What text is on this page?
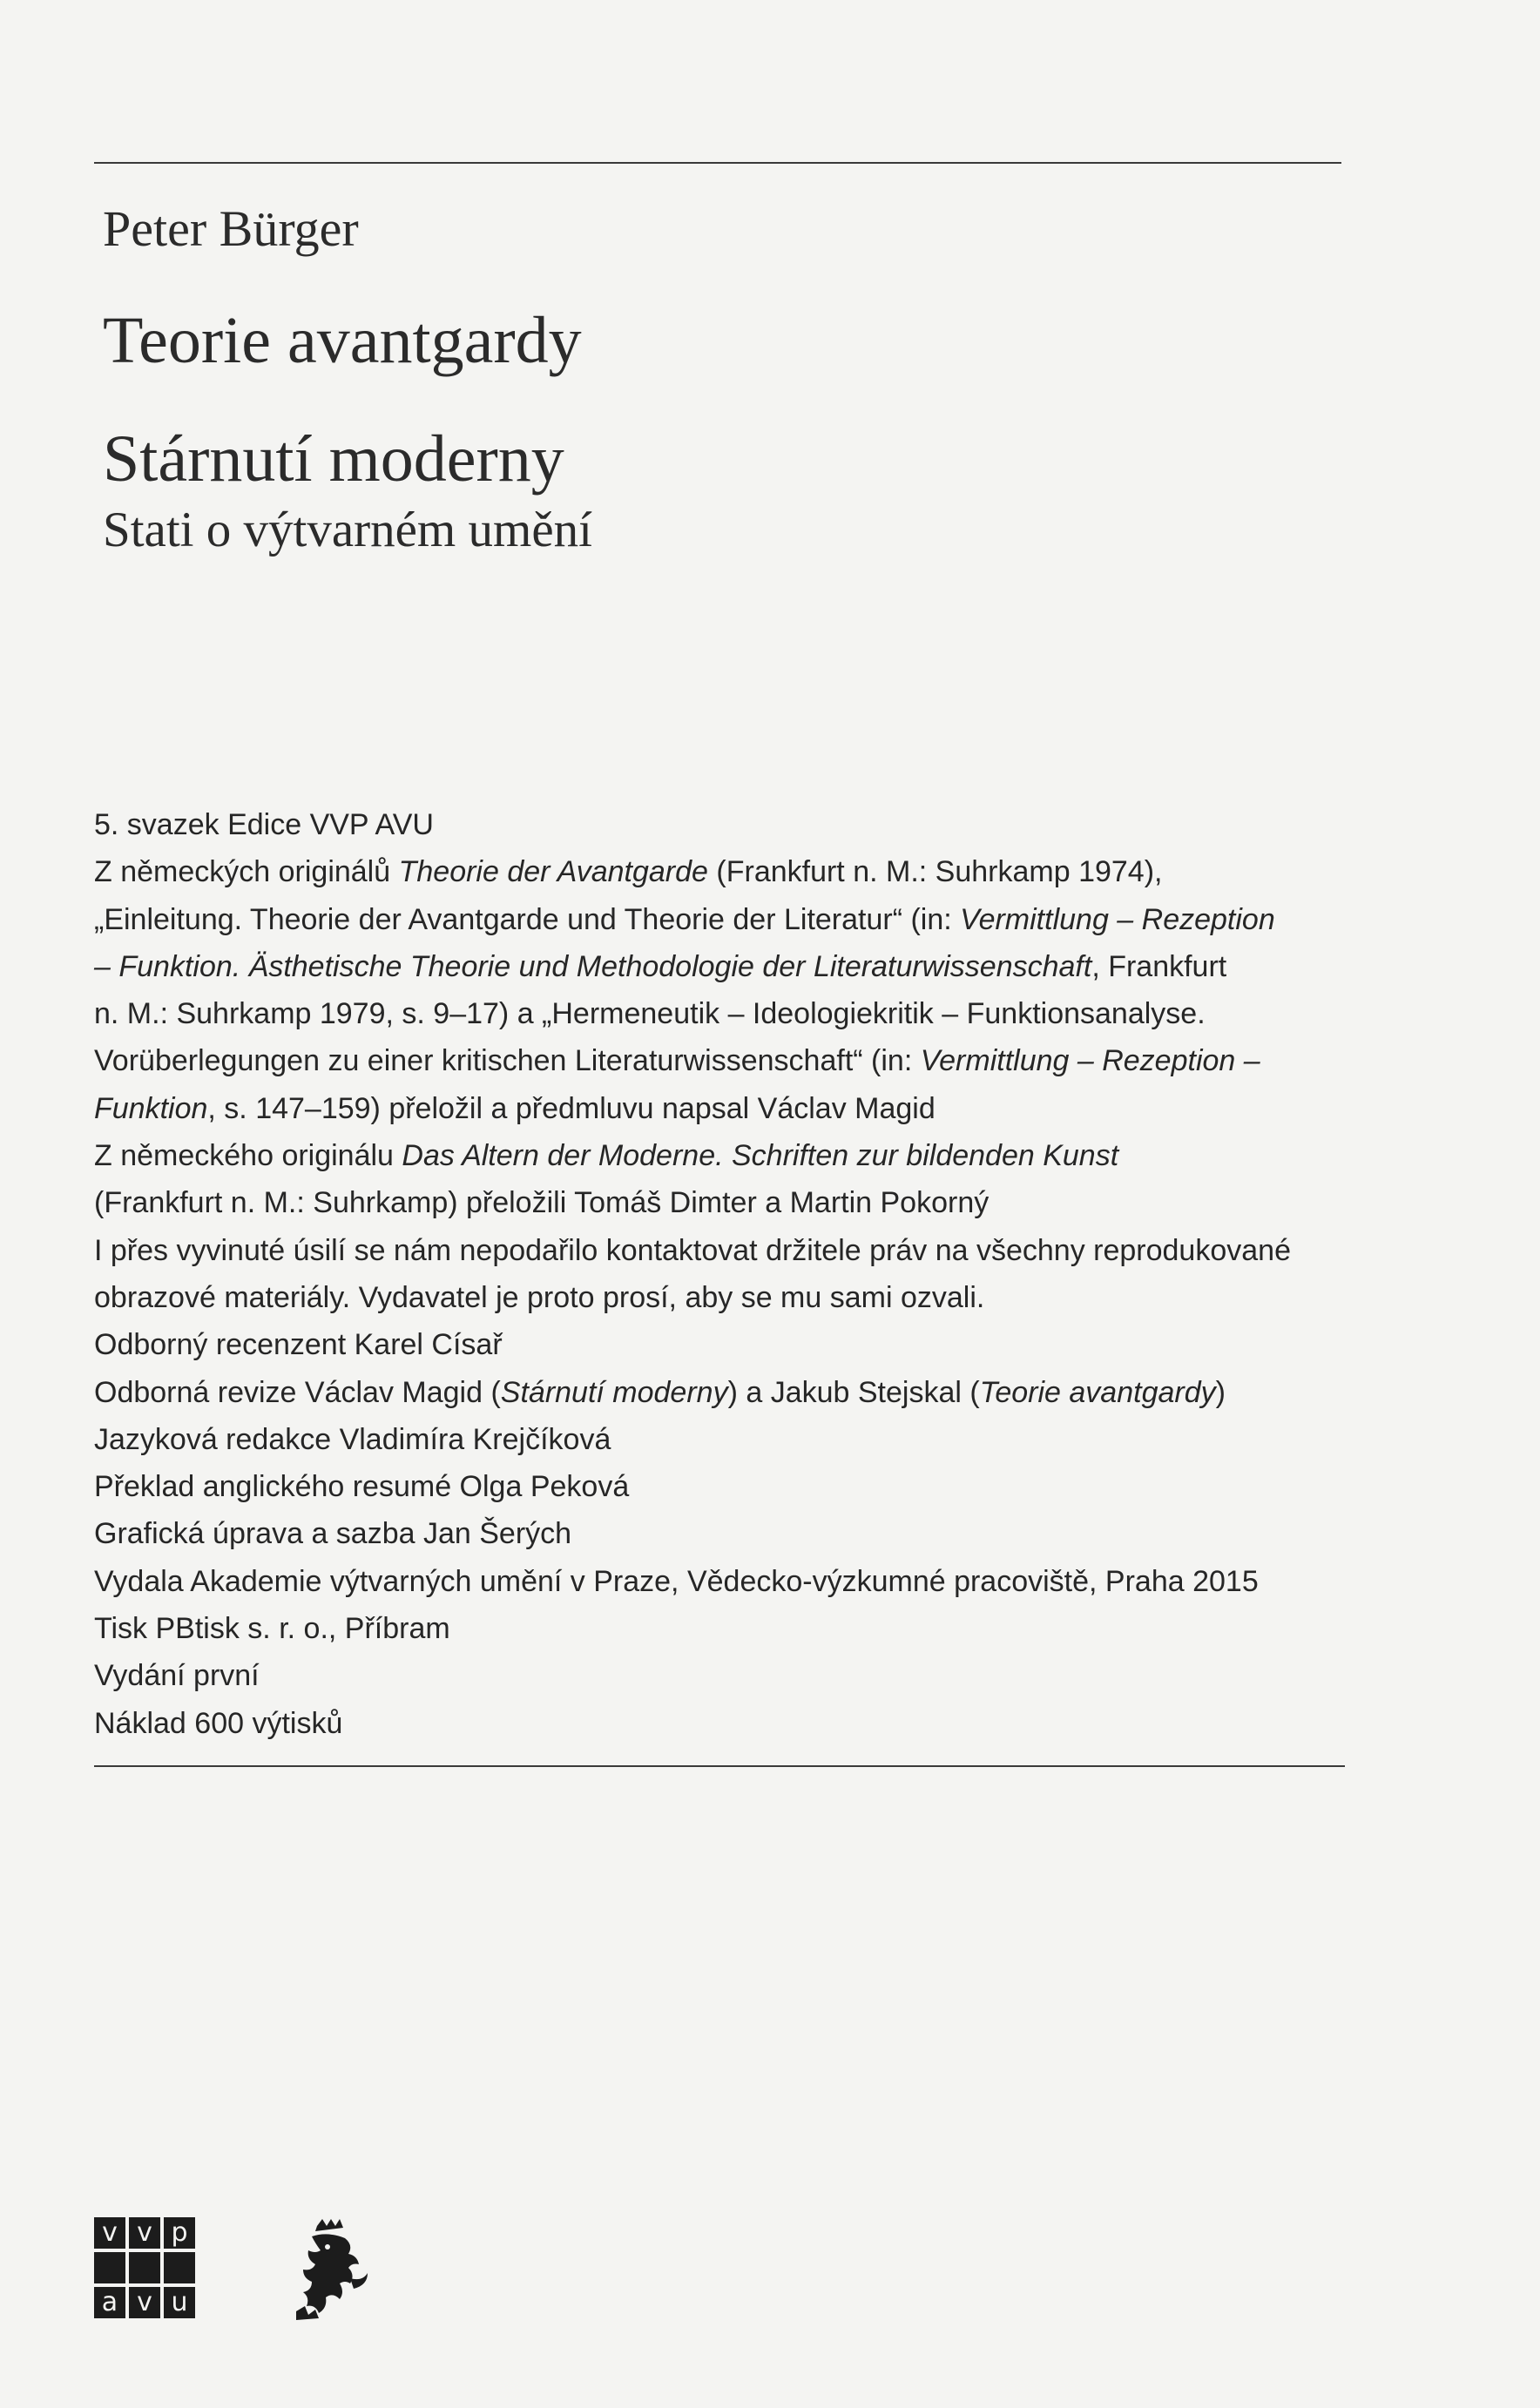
Peter Bürger

Teorie avantgardy

Stárnutí moderny

Stati o výtvarném umění

5. svazek Edice VVP AVU

Z německých originálů Theorie der Avantgarde (Frankfurt n. M.: Suhrkamp 1974),

„Einleitung. Theorie der Avantgarde und Theorie der Literatur“ (in: Vermittlung – Rezeption

– Funktion. Ästhetische Theorie und Methodologie der Literaturwissenschaft, Frankfurt

n. M.: Suhrkamp 1979, s. 9–17) a „Hermeneutik – Ideologiekritik – Funktionsanalyse.

Vorüberlegungen zu einer kritischen Literaturwissenschaft“ (in: Vermittlung – Rezeption –

Funktion, s. 147–159) přeložil a předmluvu napsal Václav Magid

Z německého originálu Das Altern der Moderne. Schriften zur bildenden Kunst

(Frankfurt n. M.: Suhrkamp) přeložili Tomáš Dimter a Martin Pokorný

I přes vyvinuté úsilí se nám nepodařilo kontaktovat držitele práv na všechny reprodukované

obrazové materiály. Vydavatel je proto prosí, aby se mu sami ozvali.

Odborný recenzent Karel Císař

Odborná revize Václav Magid (Stárnutí moderny) a Jakub Stejskal (Teorie avantgardy)

Jazyková redakce Vladimíra Krejčíková

Překlad anglického resumé Olga Peková

Grafická úprava a sazba Jan Šerých

Vydala Akademie výtvarných umění v Praze, Vědecko-výzkumné pracoviště, Praha 2015

Tisk PBtisk s. r. o., Příbram

Vydání první

Náklad 600 výtisků

v v p
a v u
